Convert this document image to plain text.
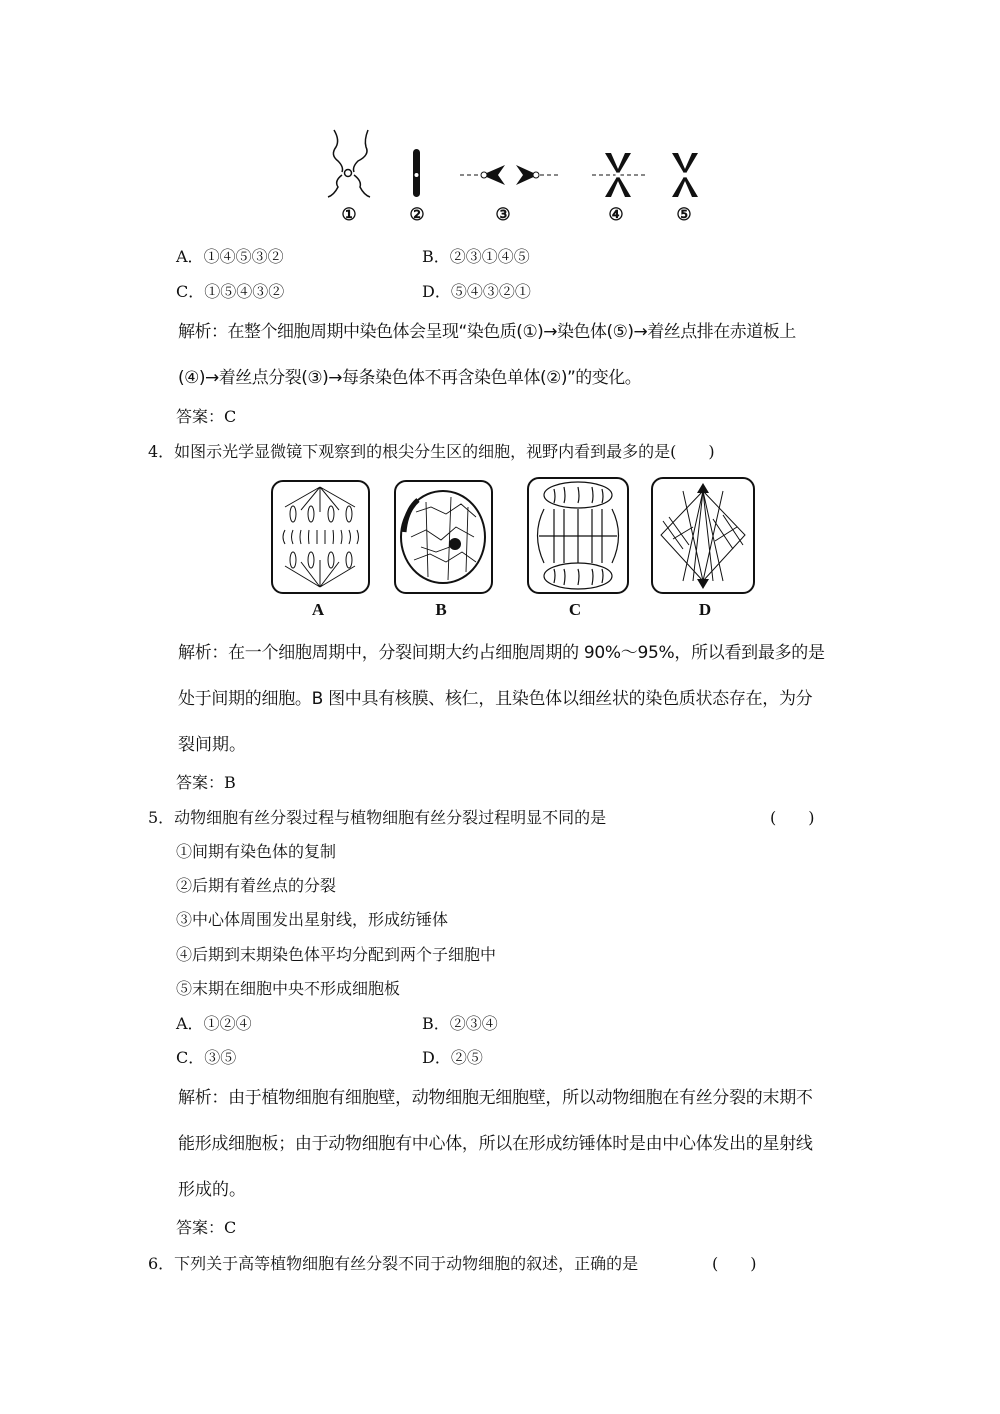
①	②	③	④	⑤
A．①④⑤③②	B．②③①④⑤
C．①⑤④③②	D．⑤④③②①
解析：在整个细胞周期中染色体会呈现“染色质(①)→染色体(⑤)→着丝点排在赤道板上
(④)→着丝点分裂(③)→每条染色体不再含染色单体(②)”的变化。
答案：C
4．如图示光学显微镜下观察到的根尖分生区的细胞，视野内看到最多的是(　　)
A	B	C	D
解析：在一个细胞周期中，分裂间期大约占细胞周期的 90%～95%，所以看到最多的是
处于间期的细胞。B 图中具有核膜、核仁，且染色体以细丝状的染色质状态存在，为分
裂间期。
答案：B
5．动物细胞有丝分裂过程与植物细胞有丝分裂过程明显不同的是	(　　)
①间期有染色体的复制
②后期有着丝点的分裂
③中心体周围发出星射线，形成纺锤体
④后期到末期染色体平均分配到两个子细胞中
⑤末期在细胞中央不形成细胞板
A．①②④	B．②③④
C．③⑤	D．②⑤
解析：由于植物细胞有细胞壁，动物细胞无细胞壁，所以动物细胞在有丝分裂的末期不
能形成细胞板；由于动物细胞有中心体，所以在形成纺锤体时是由中心体发出的星射线
形成的。
答案：C
6．下列关于高等植物细胞有丝分裂不同于动物细胞的叙述，正确的是	(　　)
